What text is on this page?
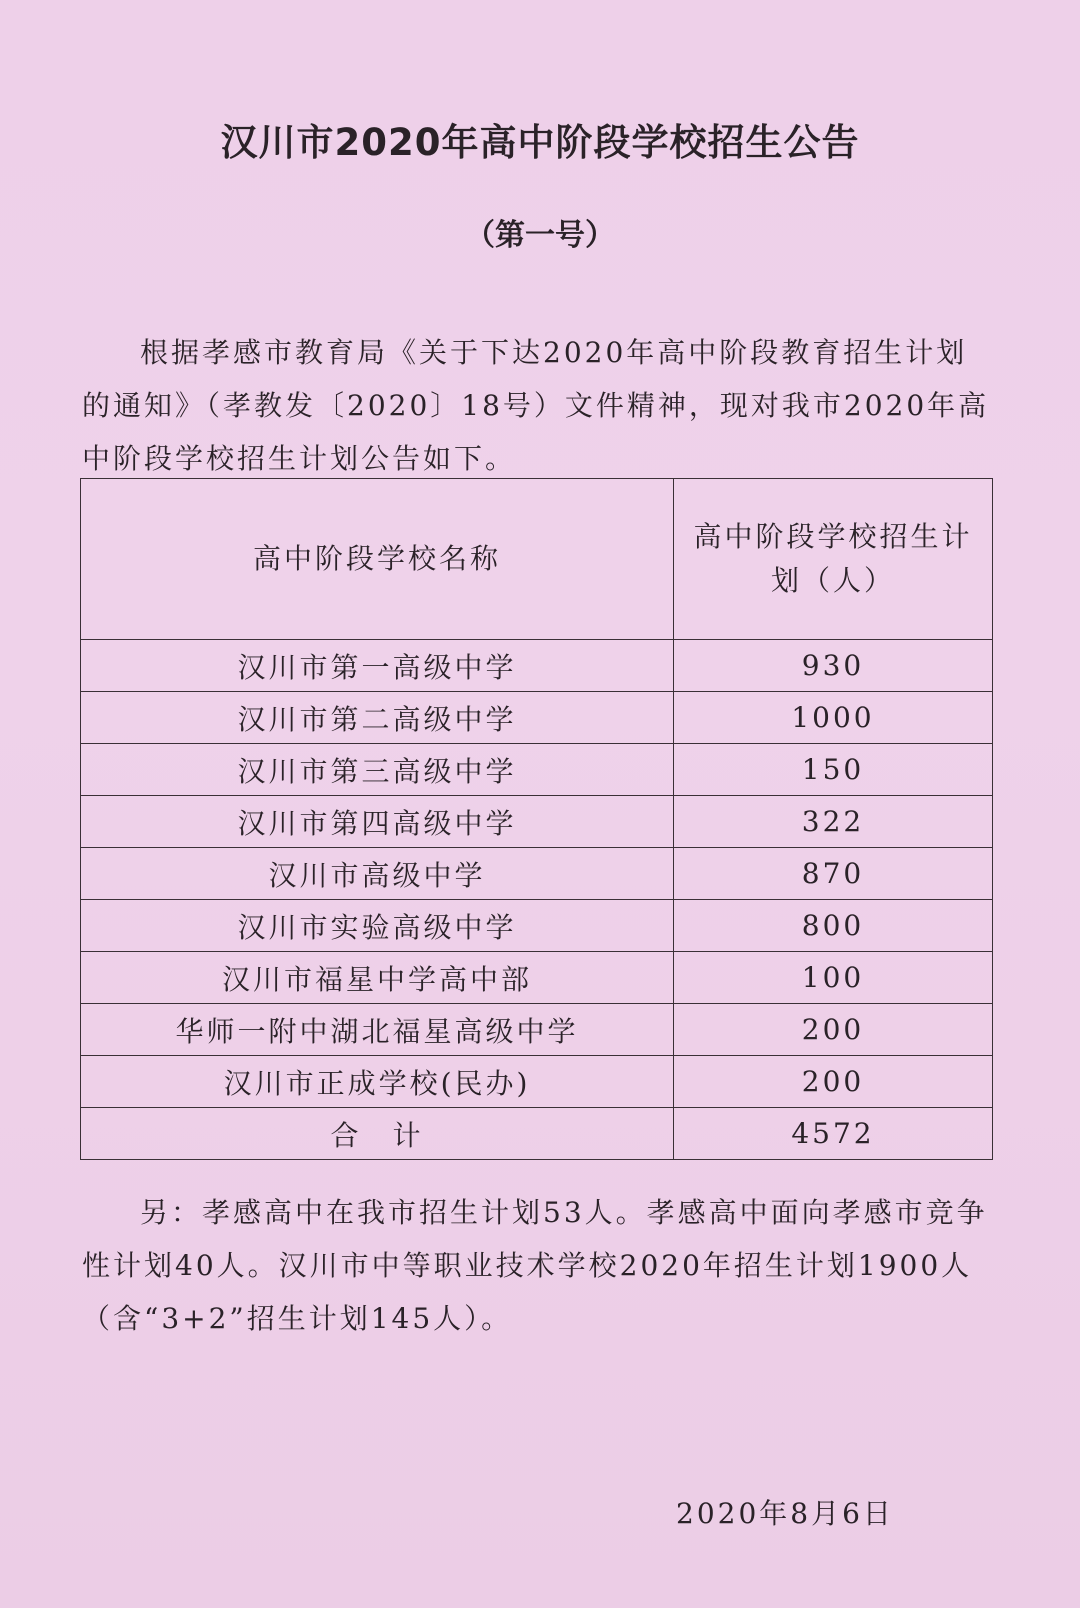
汉川市2020年高中阶段学校招生公告
（第一号）

根据孝感市教育局《关于下达2020年高中阶段教育招生计划的通知》（孝教发〔2020〕18号）文件精神，现对我市2020年高中阶段学校招生计划公告如下。

高中阶段学校名称	高中阶段学校招生计划（人）
汉川市第一高级中学	930
汉川市第二高级中学	1000
汉川市第三高级中学	150
汉川市第四高级中学	322
汉川市高级中学	870
汉川市实验高级中学	800
汉川市福星中学高中部	100
华师一附中湖北福星高级中学	200
汉川市正成学校(民办)	200
合　计	4572

另：孝感高中在我市招生计划53人。孝感高中面向孝感市竞争性计划40人。汉川市中等职业技术学校2020年招生计划1900人（含“3+2”招生计划145人）。

2020年8月6日
